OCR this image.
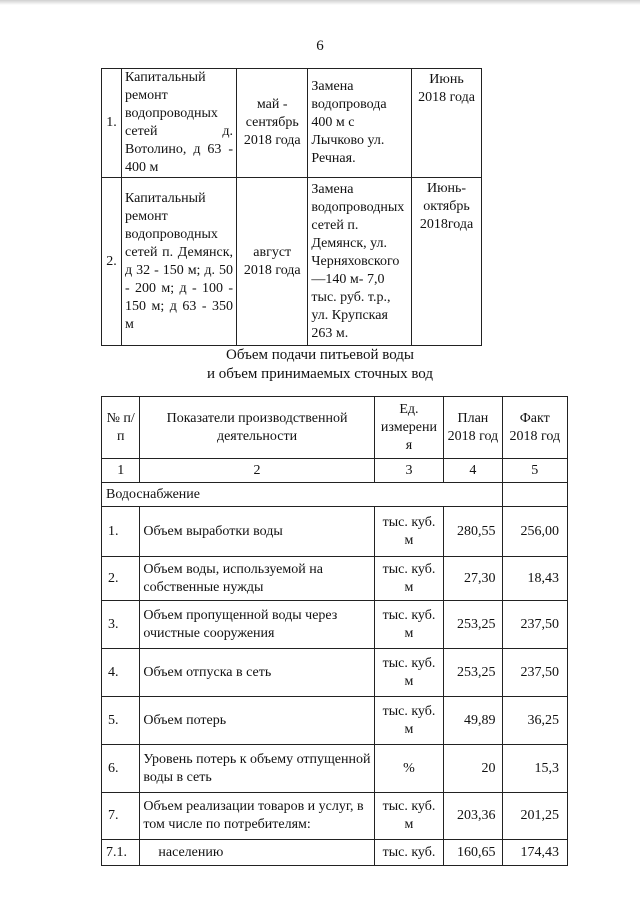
6
1.	Капитальный ремонт водопроводных сетей д. Вотолино, д 63 - 400 м	май - сентябрь 2018 года	Замена водопровода 400 м с Лычково ул. Речная.	Июнь 2018 года
2.	Капитальный ремонт водопроводных сетей п. Демянск, д 32 - 150 м; д. 50 - 200 м; д - 100 - 150 м; д 63 - 350 м	август 2018 года	Замена водопроводных сетей п. Демянск, ул. Черняховского —140 м- 7,0 тыс. руб. т.р., ул. Крупская 263 м.	Июнь- октябрь 2018года
Объем подачи питьевой воды
и объем принимаемых сточных вод
№ п/п	Показатели производственной деятельности	Ед. измерени я	План 2018 год	Факт 2018 год
1	2	3	4	5
Водоснабжение				
1.	Объем выработки воды	тыс. куб. м	280,55	256,00
2.	Объем воды, используемой на собственные нужды	тыс. куб. м	27,30	18,43
3.	Объем пропущенной воды через очистные сооружения	тыс. куб. м	253,25	237,50
4.	Объем отпуска в сеть	тыс. куб. м	253,25	237,50
5.	Объем потерь	тыс. куб. м	49,89	36,25
6.	Уровень потерь к объему отпущенной воды в сеть	%	20	15,3
7.	Объем реализации товаров и услуг, в том числе по потребителям:	тыс. куб. м	203,36	201,25
7.1.	населению	тыс. куб.	160,65	174,43
